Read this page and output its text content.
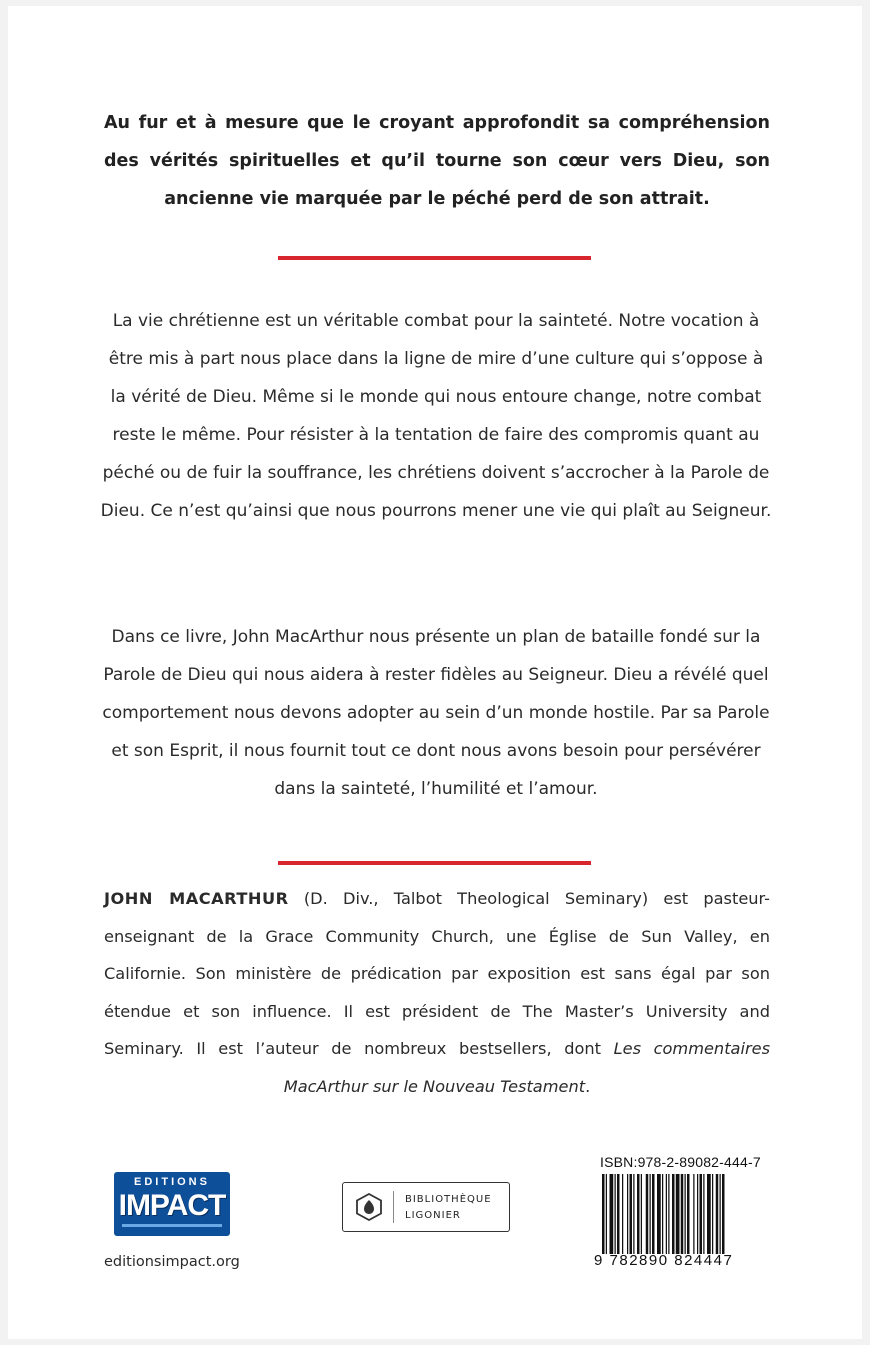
Au fur et à mesure que le croyant approfondit sa compréhension des vérités spirituelles et qu’il tourne son cœur vers Dieu, son ancienne vie marquée par le péché perd de son attrait.
La vie chrétienne est un véritable combat pour la sainteté. Notre vocation à être mis à part nous place dans la ligne de mire d’une culture qui s’oppose à la vérité de Dieu. Même si le monde qui nous entoure change, notre combat reste le même. Pour résister à la tentation de faire des compromis quant au péché ou de fuir la souffrance, les chrétiens doivent s’accrocher à la Parole de Dieu. Ce n’est qu’ainsi que nous pourrons mener une vie qui plaît au Seigneur.
Dans ce livre, John MacArthur nous présente un plan de bataille fondé sur la Parole de Dieu qui nous aidera à rester fidèles au Seigneur. Dieu a révélé quel comportement nous devons adopter au sein d’un monde hostile. Par sa Parole et son Esprit, il nous fournit tout ce dont nous avons besoin pour persévérer dans la sainteté, l’humilité et l’amour.
JOHN MACARTHUR (D. Div., Talbot Theological Seminary) est pasteur-enseignant de la Grace Community Church, une Église de Sun Valley, en Californie. Son ministère de prédication par exposition est sans égal par son étendue et son influence. Il est président de The Master’s University and Seminary. Il est l’auteur de nombreux bestsellers, dont Les commentaires MacArthur sur le Nouveau Testament.
EDITIONS
IMPACT
editionsimpact.org
BIBLIOTHÈQUE
LIGONIER
ISBN:978-2-89082-444-7
9 782890 824447
